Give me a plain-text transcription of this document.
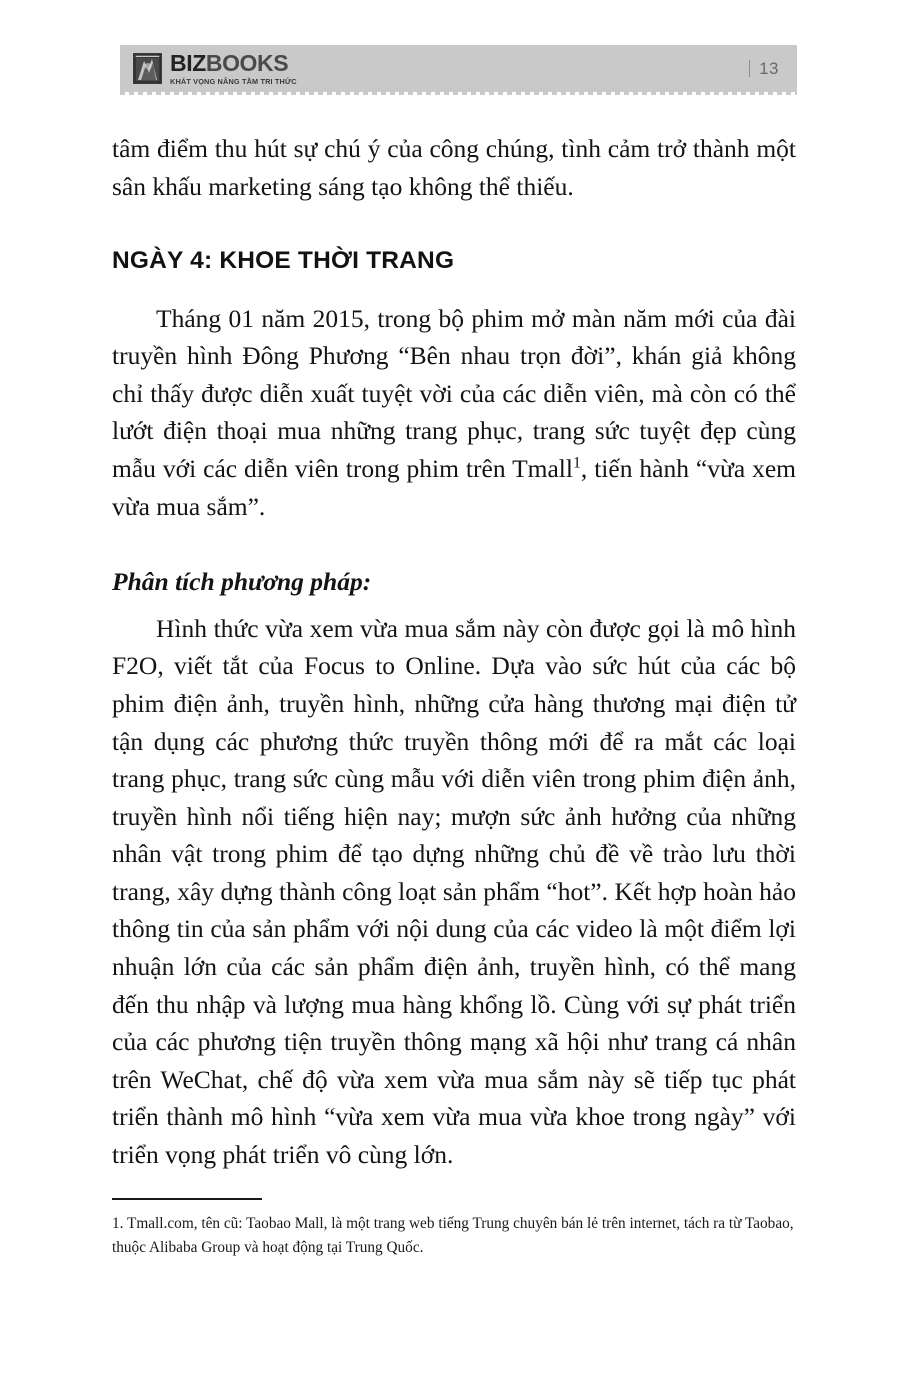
BIZBOOKS
KHÁT VỌNG NÂNG TẦM TRI THỨC
13

tâm điểm thu hút sự chú ý của công chúng, tình cảm trở thành một sân khấu marketing sáng tạo không thể thiếu.

NGÀY 4: KHOE THỜI TRANG

Tháng 01 năm 2015, trong bộ phim mở màn năm mới của đài truyền hình Đông Phương “Bên nhau trọn đời”, khán giả không chỉ thấy được diễn xuất tuyệt vời của các diễn viên, mà còn có thể lướt điện thoại mua những trang phục, trang sức tuyệt đẹp cùng mẫu với các diễn viên trong phim trên Tmall$^1$, tiến hành “vừa xem vừa mua sắm”.

Phân tích phương pháp:

Hình thức vừa xem vừa mua sắm này còn được gọi là mô hình F2O, viết tắt của Focus to Online. Dựa vào sức hút của các bộ phim điện ảnh, truyền hình, những cửa hàng thương mại điện tử tận dụng các phương thức truyền thông mới để ra mắt các loại trang phục, trang sức cùng mẫu với diễn viên trong phim điện ảnh, truyền hình nổi tiếng hiện nay; mượn sức ảnh hưởng của những nhân vật trong phim để tạo dựng những chủ đề về trào lưu thời trang, xây dựng thành công loạt sản phẩm “hot”. Kết hợp hoàn hảo thông tin của sản phẩm với nội dung của các video là một điểm lợi nhuận lớn của các sản phẩm điện ảnh, truyền hình, có thể mang đến thu nhập và lượng mua hàng khổng lồ. Cùng với sự phát triển của các phương tiện truyền thông mạng xã hội như trang cá nhân trên WeChat, chế độ vừa xem vừa mua sắm này sẽ tiếp tục phát triển thành mô hình “vừa xem vừa mua vừa khoe trong ngày” với triển vọng phát triển vô cùng lớn.

1. Tmall.com, tên cũ: Taobao Mall, là một trang web tiếng Trung chuyên bán lẻ trên internet, tách ra từ Taobao, thuộc Alibaba Group và hoạt động tại Trung Quốc.
